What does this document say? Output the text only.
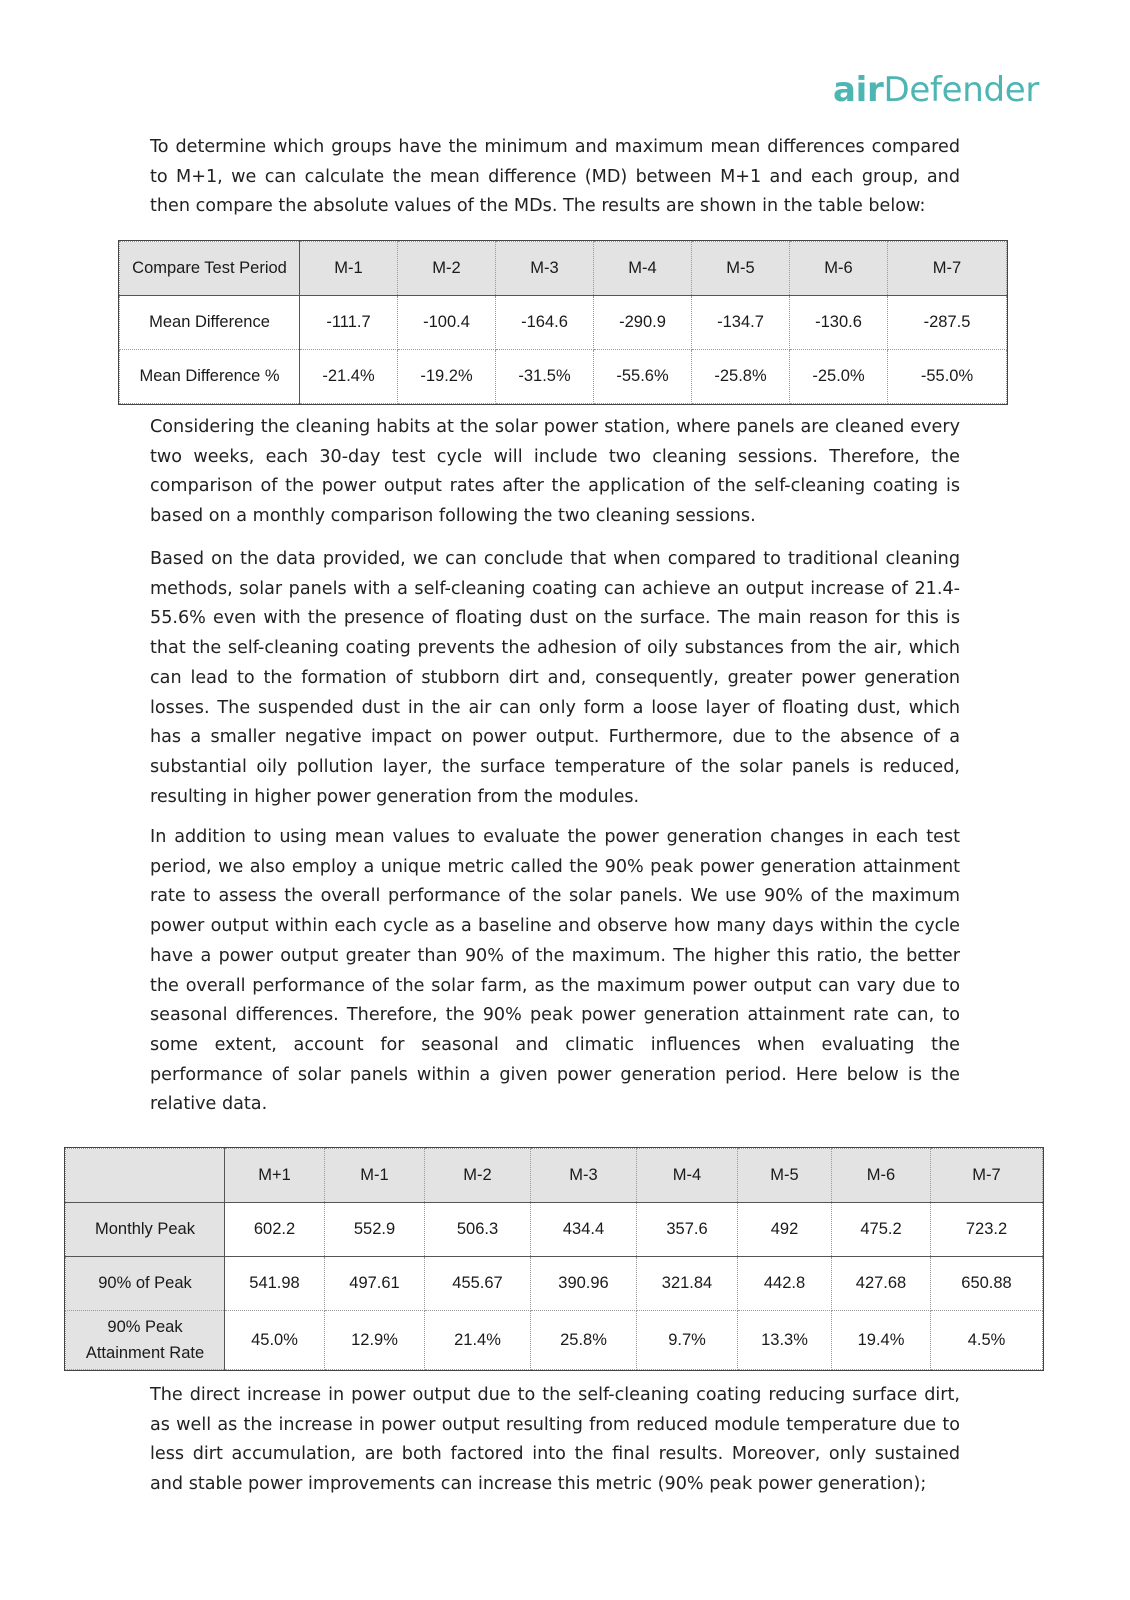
airDefender

To determine which groups have the minimum and maximum mean differences compared to M+1, we can calculate the mean difference (MD) between M+1 and each group, and then compare the absolute values of the MDs. The results are shown in the table below:

Compare Test Period	M-1	M-2	M-3	M-4	M-5	M-6	M-7
Mean Difference	-111.7	-100.4	-164.6	-290.9	-134.7	-130.6	-287.5
Mean Difference %	-21.4%	-19.2%	-31.5%	-55.6%	-25.8%	-25.0%	-55.0%

Considering the cleaning habits at the solar power station, where panels are cleaned every two weeks, each 30-day test cycle will include two cleaning sessions. Therefore, the comparison of the power output rates after the application of the self-cleaning coating is based on a monthly comparison following the two cleaning sessions.

Based on the data provided, we can conclude that when compared to traditional cleaning methods, solar panels with a self-cleaning coating can achieve an output increase of 21.4-55.6% even with the presence of floating dust on the surface. The main reason for this is that the self-cleaning coating prevents the adhesion of oily substances from the air, which can lead to the formation of stubborn dirt and, consequently, greater power generation losses. The suspended dust in the air can only form a loose layer of floating dust, which has a smaller negative impact on power output. Furthermore, due to the absence of a substantial oily pollution layer, the surface temperature of the solar panels is reduced, resulting in higher power generation from the modules.

In addition to using mean values to evaluate the power generation changes in each test period, we also employ a unique metric called the 90% peak power generation attainment rate to assess the overall performance of the solar panels. We use 90% of the maximum power output within each cycle as a baseline and observe how many days within the cycle have a power output greater than 90% of the maximum. The higher this ratio, the better the overall performance of the solar farm, as the maximum power output can vary due to seasonal differences. Therefore, the 90% peak power generation attainment rate can, to some extent, account for seasonal and climatic influences when evaluating the performance of solar panels within a given power generation period. Here below is the relative data.

	M+1	M-1	M-2	M-3	M-4	M-5	M-6	M-7
Monthly Peak	602.2	552.9	506.3	434.4	357.6	492	475.2	723.2
90% of Peak	541.98	497.61	455.67	390.96	321.84	442.8	427.68	650.88
90% Peak
Attainment Rate	45.0%	12.9%	21.4%	25.8%	9.7%	13.3%	19.4%	4.5%

The direct increase in power output due to the self-cleaning coating reducing surface dirt, as well as the increase in power output resulting from reduced module temperature due to less dirt accumulation, are both factored into the final results. Moreover, only sustained and stable power improvements can increase this metric (90% peak power generation);
